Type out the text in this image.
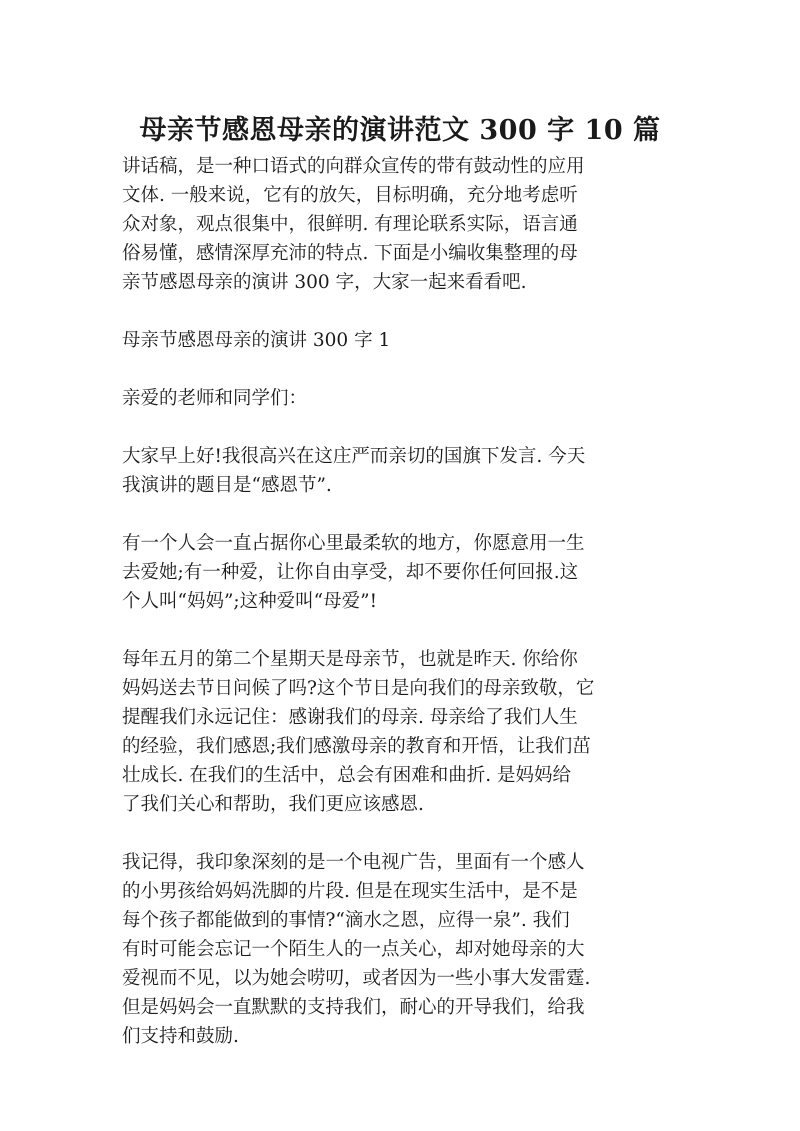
母亲节感恩母亲的演讲范文 300 字 10 篇

讲话稿，是一种口语式的向群众宣传的带有鼓动性的应用
文体. 一般来说，它有的放矢，目标明确，充分地考虑听
众对象，观点很集中，很鲜明. 有理论联系实际，语言通
俗易懂，感情深厚充沛的特点. 下面是小编收集整理的母
亲节感恩母亲的演讲 300 字，大家一起来看看吧.

母亲节感恩母亲的演讲 300 字 1

亲爱的老师和同学们：

大家早上好!我很高兴在这庄严而亲切的国旗下发言. 今天
我演讲的题目是“感恩节”.

有一个人会一直占据你心里最柔软的地方，你愿意用一生
去爱她;有一种爱，让你自由享受，却不要你任何回报.这
个人叫“妈妈”;这种爱叫“母爱”!

每年五月的第二个星期天是母亲节，也就是昨天. 你给你
妈妈送去节日问候了吗?这个节日是向我们的母亲致敬，它
提醒我们永远记住：感谢我们的母亲. 母亲给了我们人生
的经验，我们感恩;我们感激母亲的教育和开悟，让我们茁
壮成长. 在我们的生活中，总会有困难和曲折. 是妈妈给
了我们关心和帮助，我们更应该感恩.

我记得，我印象深刻的是一个电视广告，里面有一个感人
的小男孩给妈妈洗脚的片段. 但是在现实生活中，是不是
每个孩子都能做到的事情?“滴水之恩，应得一泉”. 我们
有时可能会忘记一个陌生人的一点关心，却对她母亲的大
爱视而不见，以为她会唠叨，或者因为一些小事大发雷霆.
但是妈妈会一直默默的支持我们，耐心的开导我们，给我
们支持和鼓励.
